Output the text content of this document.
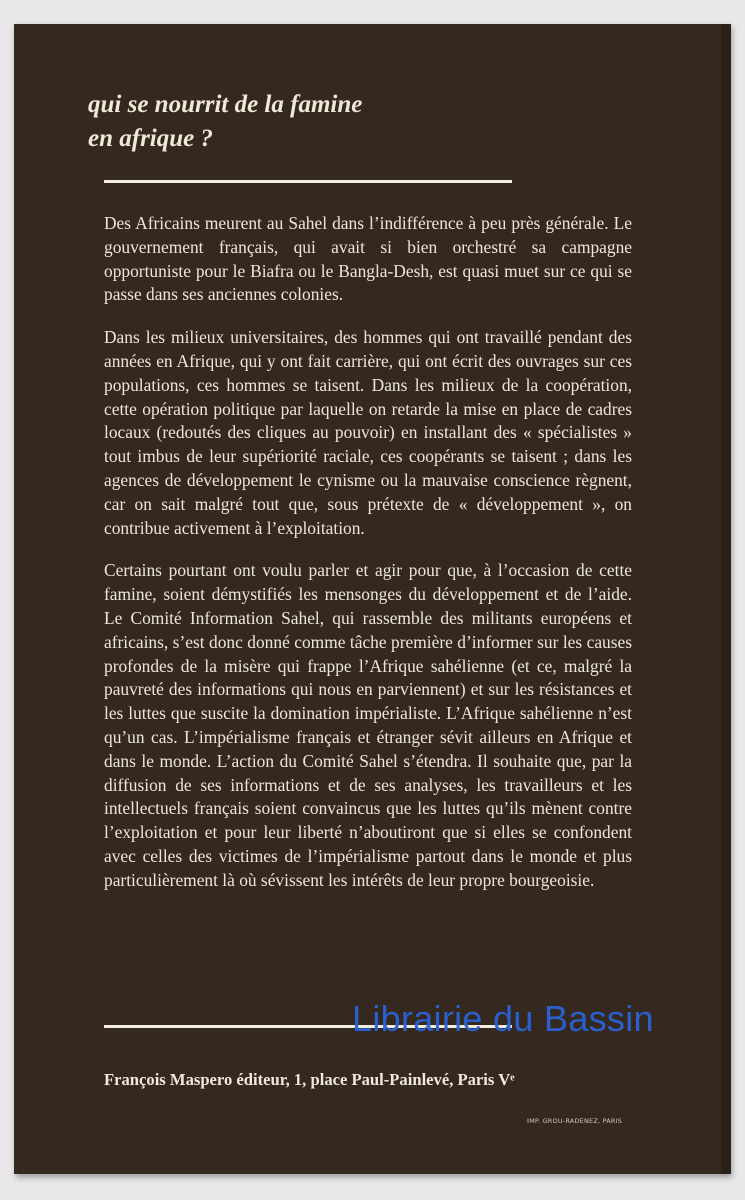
qui se nourrit de la famine
en afrique ?

Des Africains meurent au Sahel dans l’indifférence à peu près générale. Le gouvernement français, qui avait si bien orchestré sa campagne opportuniste pour le Biafra ou le Bangla-Desh, est quasi muet sur ce qui se passe dans ses anciennes colonies.

Dans les milieux universitaires, des hommes qui ont travaillé pendant des années en Afrique, qui y ont fait carrière, qui ont écrit des ouvrages sur ces populations, ces hommes se taisent. Dans les milieux de la coopération, cette opération politique par laquelle on retarde la mise en place de cadres locaux (redoutés des cliques au pouvoir) en installant des « spécialistes » tout imbus de leur supériorité raciale, ces coopérants se taisent ; dans les agences de développement le cynisme ou la mauvaise conscience règnent, car on sait malgré tout que, sous prétexte de « développement », on contribue activement à l’exploitation.

Certains pourtant ont voulu parler et agir pour que, à l’occasion de cette famine, soient démystifiés les mensonges du développement et de l’aide. Le Comité Information Sahel, qui rassemble des militants européens et africains, s’est donc donné comme tâche première d’informer sur les causes profondes de la misère qui frappe l’Afrique sahélienne (et ce, malgré la pauvreté des informations qui nous en parviennent) et sur les résistances et les luttes que suscite la domination impérialiste. L’Afrique sahélienne n’est qu’un cas. L’impérialisme français et étranger sévit ailleurs en Afrique et dans le monde. L’action du Comité Sahel s’étendra. Il souhaite que, par la diffusion de ses informations et de ses analyses, les travailleurs et les intellectuels français soient convaincus que les luttes qu’ils mènent contre l’exploitation et pour leur liberté n’aboutiront que si elles se confondent avec celles des victimes de l’impérialisme partout dans le monde et plus particulièrement là où sévissent les intérêts de leur propre bourgeoisie.

Librairie du Bassin
François Maspero éditeur, 1, place Paul-Painlevé, Paris Vᵉ
IMP. GROU-RADENEZ, PARIS
